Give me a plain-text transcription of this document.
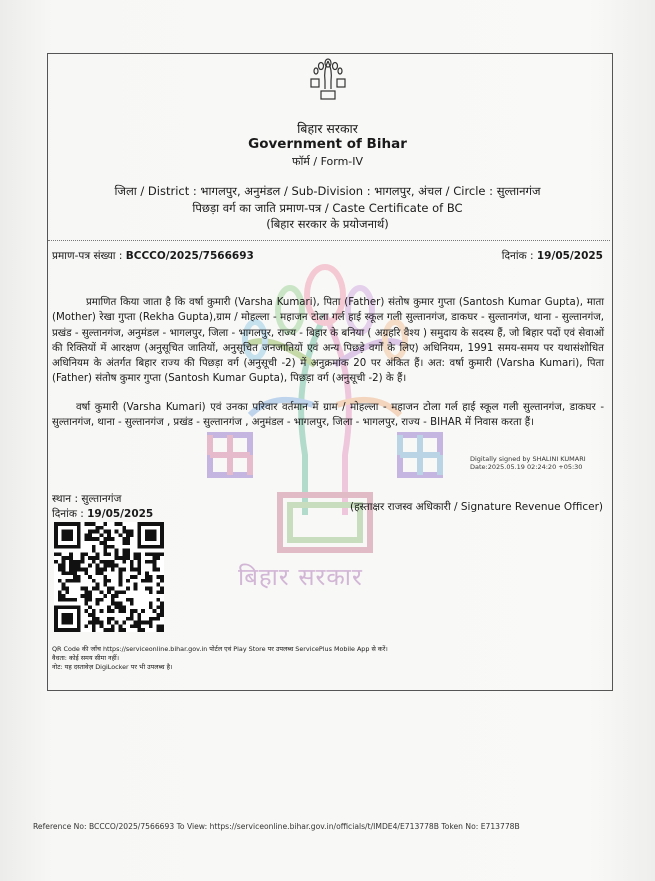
बिहार सरकार
बिहार सरकार
Government of Bihar
फॉर्म / Form-IV
जिला / District : भागलपुर, अनुमंडल / Sub-Division : भागलपुर, अंचल / Circle : सुल्तानगंज
पिछड़ा वर्ग का जाति प्रमाण-पत्र / Caste Certificate of BC
(बिहार सरकार के प्रयोजनार्थ)
प्रमाण-पत्र संख्या : BCCCO/2025/7566693	दिनांक : 19/05/2025
प्रमाणित किया जाता है कि वर्षा कुमारी (Varsha Kumari), पिता (Father) संतोष कुमार गुप्ता (Santosh Kumar Gupta), माता (Mother) रेखा गुप्ता (Rekha Gupta),ग्राम / मोहल्ला - महाजन टोला गर्ल हाई स्कूल गली सुल्तानगंज, डाकघर - सुल्तानगंज, थाना - सुल्तानगंज, प्रखंड - सुल्तानगंज, अनुमंडल - भागलपुर, जिला - भागलपुर, राज्य - बिहार के बनिया ( अग्रहरि वैश्य ) समुदाय के सदस्य हैं, जो बिहार पदों एवं सेवाओं की रिक्तियों में आरक्षण (अनुसूचित जातियों, अनुसूचित जनजातियों एवं अन्य पिछड़े वर्गों के लिए) अधिनियम, 1991 समय-समय पर यथासंशोधित अधिनियम के अंतर्गत बिहार राज्य की पिछड़ा वर्ग (अनुसूची -2) में अनुक्रमांक 20 पर अंकित हैं। अत: वर्षा कुमारी (Varsha Kumari), पिता (Father) संतोष कुमार गुप्ता (Santosh Kumar Gupta), पिछड़ा वर्ग (अनुसूची -2) के हैं।
वर्षा कुमारी (Varsha Kumari) एवं उनका परिवार वर्तमान में ग्राम / मोहल्ला - महाजन टोला गर्ल हाई स्कूल गली सुल्तानगंज, डाकघर - सुल्तानगंज, थाना - सुल्तानगंज , प्रखंड - सुल्तानगंज , अनुमंडल - भागलपुर, जिला - भागलपुर, राज्य - BIHAR में निवास करता हैं।
Digitally signed by SHALINI KUMARI
Date:2025.05.19 02:24:20 +05:30
स्थान : सुल्तानगंज
दिनांक : 19/05/2025
(हस्ताक्षर राजस्व अधिकारी / Signature Revenue Officer)
QR Code की जाँच https://serviceonline.bihar.gov.in पोर्टल एवं Play Store पर उपलब्ध ServicePlus Mobile App से करें।
वैधता: कोई समय सीमा नहीं।
नोट: यह दस्तावेज़ DigiLocker पर भी उपलब्ध है।
Reference No: BCCCO/2025/7566693 To View: https://serviceonline.bihar.gov.in/officials/t/IMDE4/E713778B Token No: E713778B
